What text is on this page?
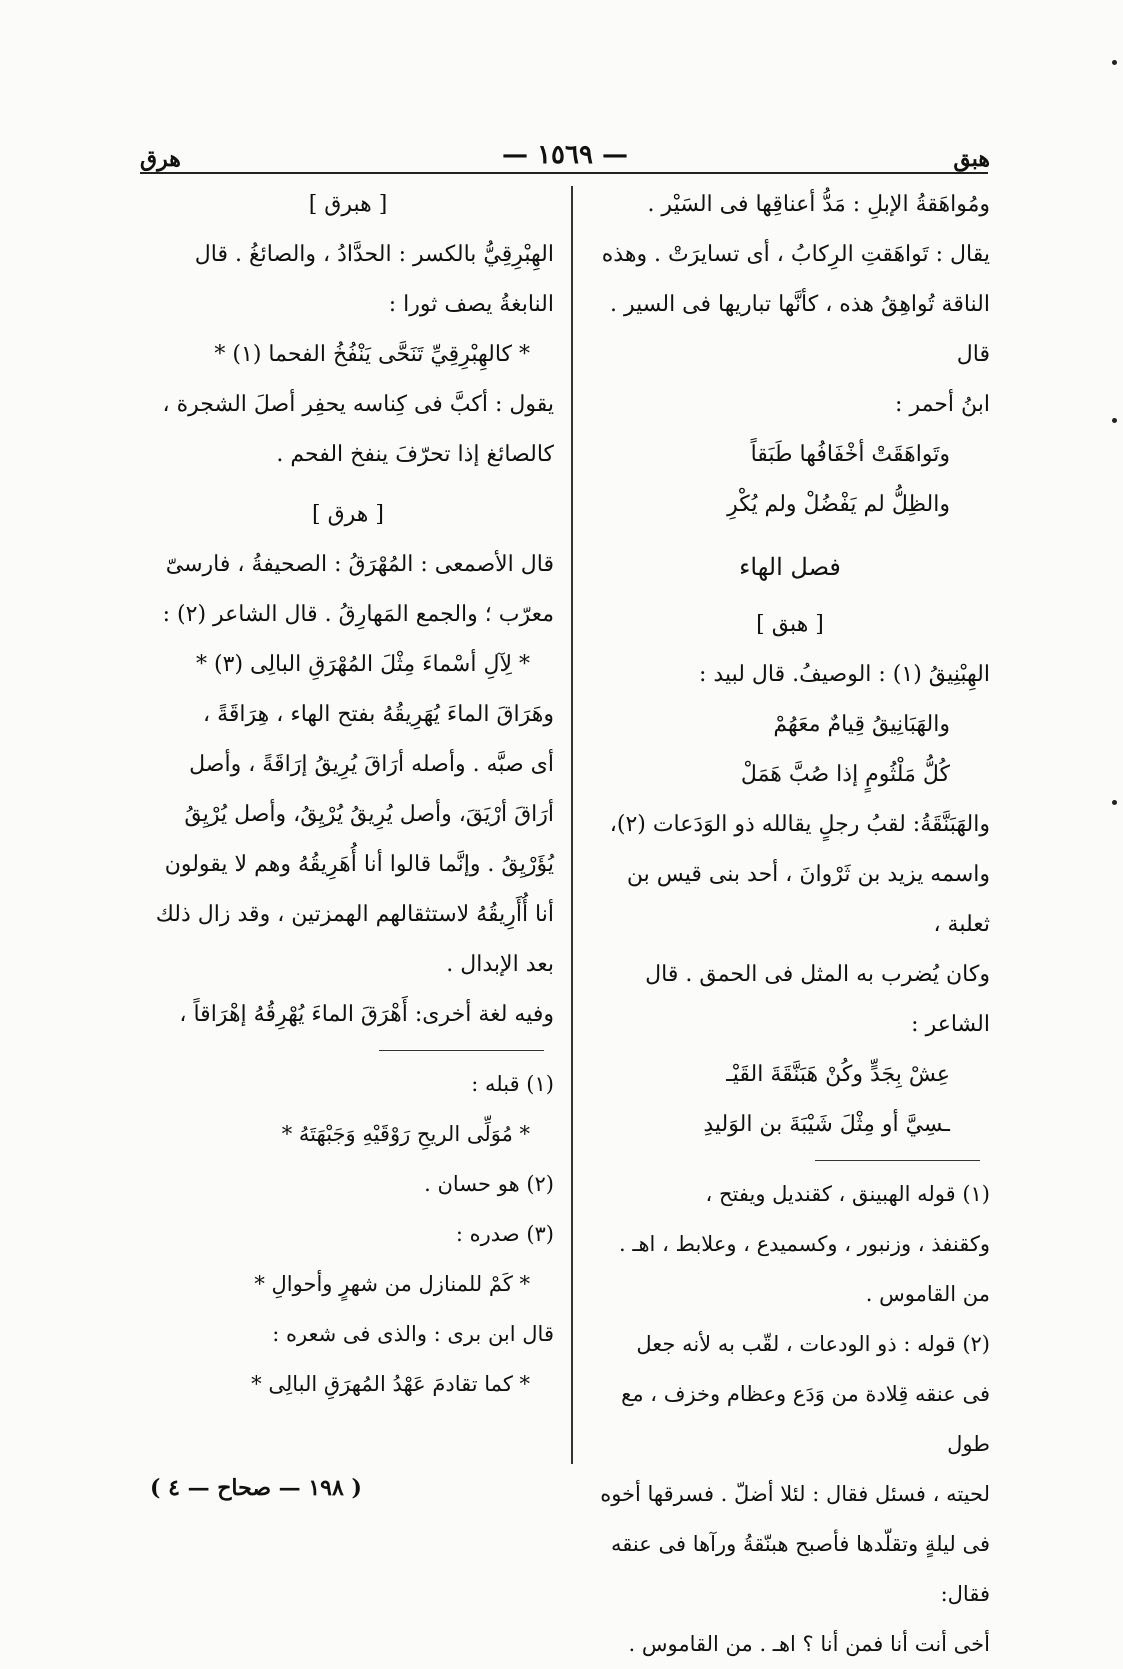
هبق
— ١٥٦٩ —
هرق

ومُواهَقةُ الإبلِ : مَدُّ أعناقِها فى السَيْر .

يقال : تَواهَقتِ الرِكابُ ، أى تسايرَتْ . وهذه

الناقة تُواهِقُ هذه ، كأنَّها تباريها فى السير . قال

ابنُ أحمر :

وتَواهَقَتْ أخْفَافُها طَبَقاً

والظِلُّ لم يَفْضُلْ ولم يُكْرِ

فصل الهاء

[ هبق ]

الهِبْنِيقُ (١) : الوصيفُ. قال لبيد :

والهَبَانِيقُ قِيامٌ معَهُمْ

كُلُّ مَلْثُومٍ إذا صُبَّ هَمَلْ

والهَبَنَّقَةُ: لقبُ رجلٍ يقالله ذو الوَدَعات (٢)،

واسمه يزيد بن ثَرْوانَ ، أحد بنى قيس بن ثعلبة ،

وكان يُضرب به المثل فى الحمق . قال الشاعر :

عِشْ بِجَدٍّ وكُنْ هَبَنَّقَةَ القَيْـ

ـسِيَّ أو مِثْلَ شَيْبَةَ بن الوَليدِ

(١) قوله الهبينق ، كقنديل ويفتح ،

وكقنفذ ، وزنبور ، وكسميدع ، وعلابط ، اهـ .

من القاموس .

(٢) قوله : ذو الودعات ، لقّب به لأنه جعل

فى عنقه قِلادة من وَدَع وعظام وخزف ، مع طول

لحيته ، فسئل فقال : لئلا أضلّ . فسرقها أخوه

فى ليلةٍ وتقلّدها فأصبح هبنّقةُ ورآها فى عنقه فقال:

أخى أنت أنا فمن أنا ؟ اهـ . من القاموس .

[ هبرق ]

الهِبْرِقِيُّ بالكسر : الحدَّادُ ، والصائغُ . قال

النابغةُ يصف ثورا :

* كالهِبْرِقِيِّ تَنَحَّى يَنْفُخُ الفحما (١) *

يقول : أكبَّ فى كِناسه يحفِر أصلَ الشجرة ،

كالصائغ إذا تحرّفَ ينفخ الفحم .

[ هرق ]

قال الأصمعى : المُهْرَقُ : الصحيفةُ ، فارسىّ

معرّب ؛ والجمع المَهارِقُ . قال الشاعر (٢) :

* لِآلِ أسْماءَ مِثْلَ المُهْرَقِ البالِى (٣) *

وهَرَاقَ الماءَ يُهَرِيقُهُ بفتح الهاء ، هِرَاقَةً ،

أى صبَّه . وأصله أرَاقَ يُرِيقُ إرَاقَةً ، وأصل

أرَاقَ أرْيَقَ، وأصل يُرِيقُ يُرْيِقُ، وأصل يُرْيِقُ

يُؤَرْيِقُ . وإنَّما قالوا أنا أُهَرِيقُهُ وهم لا يقولون

أنا أُأَرِيقُهُ لاستثقالهم الهمزتين ، وقد زال ذلك

بعد الإبدال .

وفيه لغة أخرى: أَهْرَقَ الماءَ يُهْرِقُهُ إهْرَاقاً ،

(١) قبله :

* مُوَلِّى الريحِ رَوْقَيْهِ وَجَبْهَتَهُ *

(٢) هو حسان .

(٣) صدره :

* كَمْ للمنازل من شهرٍ وأحوالِ *

قال ابن برى : والذى فى شعره :

* كما تقادمَ عَهْدُ المُهرَقِ البالِى *

( ١٩٨ — صحاح — ٤ )
